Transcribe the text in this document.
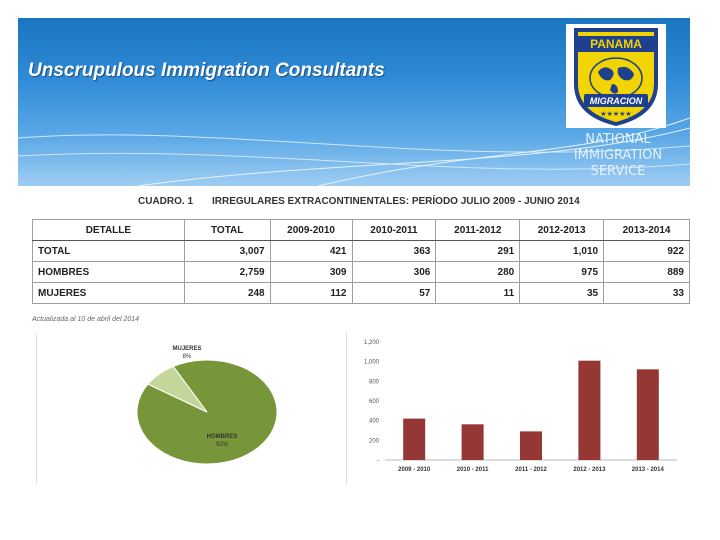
Unscrupulous Immigration Consultants
PANAMA
MIGRACION
★★★★★
NATIONAL
IMMIGRATION
SERVICE
CUADRO. 1 IRREGULARES EXTRACONTINENTALES: PERÍODO JULIO 2009 - JUNIO 2014
DETALLE	TOTAL	2009-2010	2010-2011	2011-2012	2012-2013	2013-2014
TOTAL	3,007	421	363	291	1,010	922
HOMBRES	2,759	309	306	280	975	889
MUJERES	248	112	57	11	35	33
Actualizada al 10 de abril del 2014
HOMBRES
92%
MUJERES
8%
-
200
400
600
800
1,000
1,200
2009 - 2010	2010 - 2011	2011 - 2012	2012 - 2013	2013 - 2014
